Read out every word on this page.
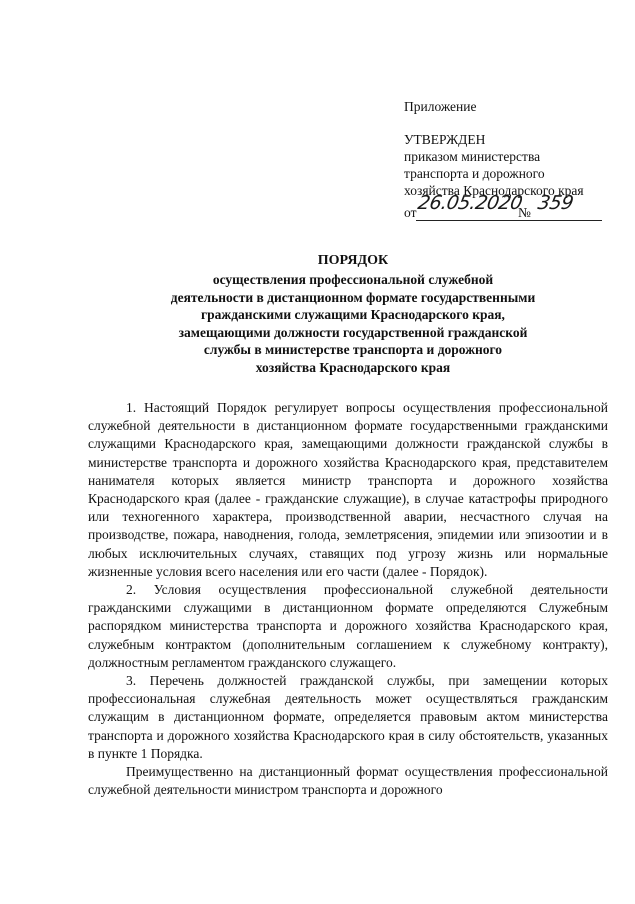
Приложение
УТВЕРЖДЕН
приказом министерства
транспорта и дорожного
хозяйства Краснодарского края
от 26.05.2020
№ 359
ПОРЯДОК
осуществления профессиональной служебной
деятельности в дистанционном формате государственными
гражданскими служащими Краснодарского края,
замещающими должности государственной гражданской
службы в министерстве транспорта и дорожного
хозяйства Краснодарского края

1. Настоящий Порядок регулирует вопросы осуществления профессиональной служебной деятельности в дистанционном формате государственными гражданскими служащими Краснодарского края, замещающими должности гражданской службы в министерстве транспорта и дорожного хозяйства Краснодарского края, представителем нанимателя которых является министр транспорта и дорожного хозяйства Краснодарского края (далее - гражданские служащие), в случае катастрофы природного или техногенного характера, производственной аварии, несчастного случая на производстве, пожара, наводнения, голода, землетрясения, эпидемии или эпизоотии и в любых исключительных случаях, ставящих под угрозу жизнь или нормальные жизненные условия всего населения или его части (далее - Порядок).

2. Условия осуществления профессиональной служебной деятельности гражданскими служащими в дистанционном формате определяются Служебным распорядком министерства транспорта и дорожного хозяйства Краснодарского края, служебным контрактом (дополнительным соглашением к служебному контракту), должностным регламентом гражданского служащего.

3. Перечень должностей гражданской службы, при замещении которых профессиональная служебная деятельность может осуществляться гражданским служащим в дистанционном формате, определяется правовым актом министерства транспорта и дорожного хозяйства Краснодарского края в силу обстоятельств, указанных в пункте 1 Порядка.

Преимущественно на дистанционный формат осуществления профессиональной служебной деятельности министром транспорта и дорожного
